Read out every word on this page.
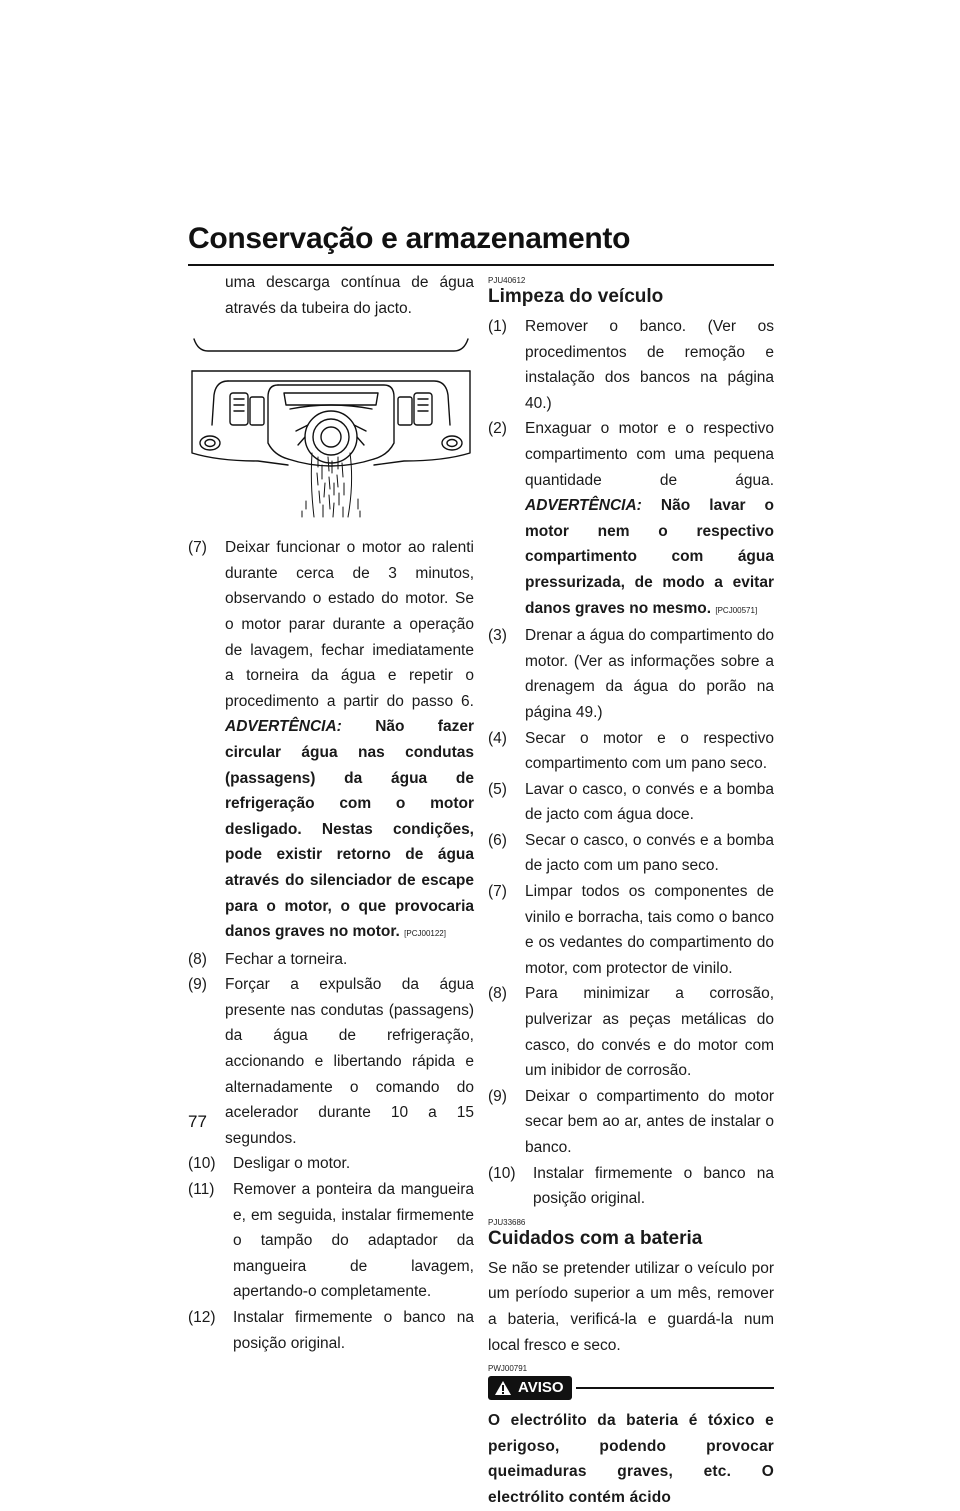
Conservação e armazenamento

uma descarga contínua de água através da tubeira do jacto.

(7)	Deixar funcionar o motor ao ralenti durante cerca de 3 minutos, observando o estado do motor. Se o motor parar durante a operação de lavagem, fechar imediatamente a torneira da água e repetir o procedimento a partir do passo 6. ADVERTÊNCIA: Não fazer circular água nas condutas (passagens) da água de refrigeração com o motor desligado. Nestas condições, pode existir retorno de água através do silenciador de escape para o motor, o que provocaria danos graves no motor. [PCJ00122]
(8)	Fechar a torneira.
(9)	Forçar a expulsão da água presente nas condutas (passagens) da água de refrigeração, accionando e libertando rápida e alternadamente o comando do acelerador durante 10 a 15 segundos.
(10)	Desligar o motor.
(11)	Remover a ponteira da mangueira e, em seguida, instalar firmemente o tampão do adaptador da mangueira de lavagem, apertando-o completamente.
(12)	Instalar firmemente o banco na posição original.
PJU40612
Limpeza do veículo
(1)	Remover o banco. (Ver os procedimentos de remoção e instalação dos bancos na página 40.)
(2)	Enxaguar o motor e o respectivo compartimento com uma pequena quantidade de água. ADVERTÊNCIA: Não lavar o motor nem o respectivo compartimento com água pressurizada, de modo a evitar danos graves no mesmo. [PCJ00571]
(3)	Drenar a água do compartimento do motor. (Ver as informações sobre a drenagem da água do porão na página 49.)
(4)	Secar o motor e o respectivo compartimento com um pano seco.
(5)	Lavar o casco, o convés e a bomba de jacto com água doce.
(6)	Secar o casco, o convés e a bomba de jacto com um pano seco.
(7)	Limpar todos os componentes de vinilo e borracha, tais como o banco e os vedantes do compartimento do motor, com protector de vinilo.
(8)	Para minimizar a corrosão, pulverizar as peças metálicas do casco, do convés e do motor com um inibidor de corrosão.
(9)	Deixar o compartimento do motor secar bem ao ar, antes de instalar o banco.
(10)	Instalar firmemente o banco na posição original.
PJU33686
Cuidados com a bateria

Se não se pretender utilizar o veículo por um período superior a um mês, remover a bateria, verificá-la e guardá-la num local fresco e seco.

PWJ00791
AVISO

O electrólito da bateria é tóxico e perigoso, podendo provocar queimaduras graves, etc. O electrólito contém ácido

77
